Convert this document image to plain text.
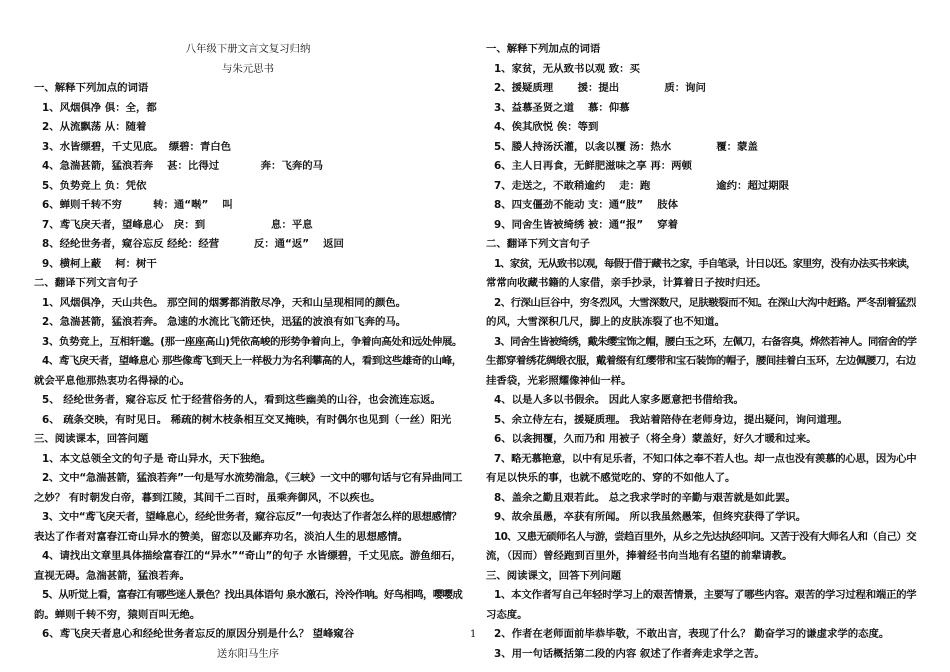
八年级下册文言文复习归纳
与朱元思书
一、解释下列加点的词语
1、风烟俱净 俱：全，都
2、从流飘荡 从：随着
3、水皆缥碧，千丈见底。　缥碧：青白色
4、急湍甚箭，猛浪若奔　 甚：比得过　　　　奔：飞奔的马
5、负势竞上 负：凭依
6、蝉则千转不穷　　　转：通“啭”　 叫
7、鸢飞戾天者，望峰息心　戾：到　　　　　　 息：平息
8、经纶世务者，窥谷忘反 经纶：经营　　　 反：通“返”　 返回
9、横柯上蔽　 柯：树干
二、翻译下列文言句子
1、风烟俱净，天山共色。 那空间的烟雾都消散尽净，天和山呈现相同的颜色。
2、急湍甚箭，猛浪若奔。 急速的水流比飞箭还快，迅猛的波浪有如飞奔的马。
3、负势竞上，互相轩邈。(那一座座高山)凭依高峻的形势争着向上，争着向高处和远处伸展。
4、鸢飞戾天者，望峰息心 那些像鸢飞到天上一样极力为名利攀高的人，看到这些雄奇的山峰，
就会平息他那热衷功名得禄的心。
5、 经纶世务者，窥谷忘反 忙于经营俗务的人，看到这些幽美的山谷，也会流连忘返。
6、 疏条交映，有时见日。 稀疏的树木枝条相互交叉掩映，有时偶尔也见到（一丝）阳光
三、阅读课本，回答问题
1、本文总领全文的句子是 奇山异水，天下独绝。
2、文中“急湍甚箭，猛浪若奔”一句是写水流势湍急，《三峡》一文中的哪句话与它有异曲同工
之妙？ 有时朝发白帝，暮到江陵，其间千二百时，虽乘奔御风，不以疾也。
3、文中“鸢飞戾天者，望峰息心，经纶世务者，窥谷忘反”一句表达了作者怎么样的思想感情？
表达了作者对富春江奇山异水的赞美，留恋以及鄙弃功名，淡泊人生的思想感情。
4、请找出文章里具体描绘富春江的“异水”“奇山”的句子 水皆缥碧，千丈见底。游鱼细石，
直视无碍。急湍甚箭，猛浪若奔。
5、从听觉上看，富春江有哪些迷人景色？找出具体语句 泉水激石，泠泠作响。好鸟相鸣，嘤嘤成
韵。蝉则千转不穷，猿则百叫无绝。
6、鸢飞戾天者息心和经纶世务者忘反的原因分别是什么？ 望峰窥谷
送东阳马生序
一、解释下列加点的词语
1、家贫，无从致书以观 致：买
2、援疑质理　　 援：提出　　　　 质：询问
3、益慕圣贤之道　 慕：仰慕
4、俟其欣悦 俟：等到
5、媵人持汤沃灌，以衾以覆 汤：热水　　　　 覆：蒙盖
6、主人日再食，无鲜肥滋味之享 再：两顿
7、走送之，不敢稍逾约　 走：跑　　　　　　 逾约：超过期限
8、四支僵劲不能动 支：通“肢”　 肢体
9、同舍生皆被绮绣 被：通“报”　 穿着
二、翻译下列文言句子
1、家贫，无从致书以观，每假于借于藏书之家，手自笔录，计日以还。家里穷，没有办法买书来读，
常常向收藏书籍的人家借，亲手抄录，计算着日子按时归还。
2、行深山巨谷中，穷冬烈风，大雪深数尺，足肤皲裂而不知。在深山大沟中赶路。严冬刮着猛烈
的风，大雪深积几尺，脚上的皮肤冻裂了也不知道。
3、同舍生皆被绮绣，戴朱缨宝饰之帽，腰白玉之环，左佩刀，右备容臭，烨然若神人。同宿舍的学
生都穿着绣花绸缎衣服，戴着缀有红缨带和宝石装饰的帽子，腰间挂着白玉环，左边佩腰刀，右边
挂香袋，光彩照耀像神仙一样。
4、以是人多以书假余。 因此人家多愿意把书借给我。
5、余立侍左右，援疑质理。 我站着陪侍在老师身边，提出疑问，询问道理。
6、以衾拥覆，久而乃和 用被子（将全身）蒙盖好，好久才暖和过来。
7、略无慕艳意，以中有足乐者，不知口体之奉不若人也。却一点也没有羡慕的心思，因为心中
有足以快乐的事，也就不感觉吃的、穿的不如他人了。
8、盖余之勤且艰若此。 总之我求学时的辛勤与艰苦就是如此罢。
9、故余虽愚，卒获有所闻。 所以我虽然愚笨，但终究获得了学识。
10、又患无硕师名人与游，尝趋百里外，从乡之先达执经叩问。又苦于没有大师名人和（自己）交
流，（因而）曾经跑到百里外，捧着经书向当地有名望的前辈请教。
三、阅读课文，回答下列问题
1、本文作者写自己年轻时学习上的艰苦情景，主要写了哪些内容。艰苦的学习过程和端正的学
习态度。
2、作者在老师面前毕恭毕敬，不敢出言，表现了什么？ 勤奋学习的谦虚求学的态度。
3、用一句话概括第二段的内容 叙述了作者奔走求学之苦。
1
